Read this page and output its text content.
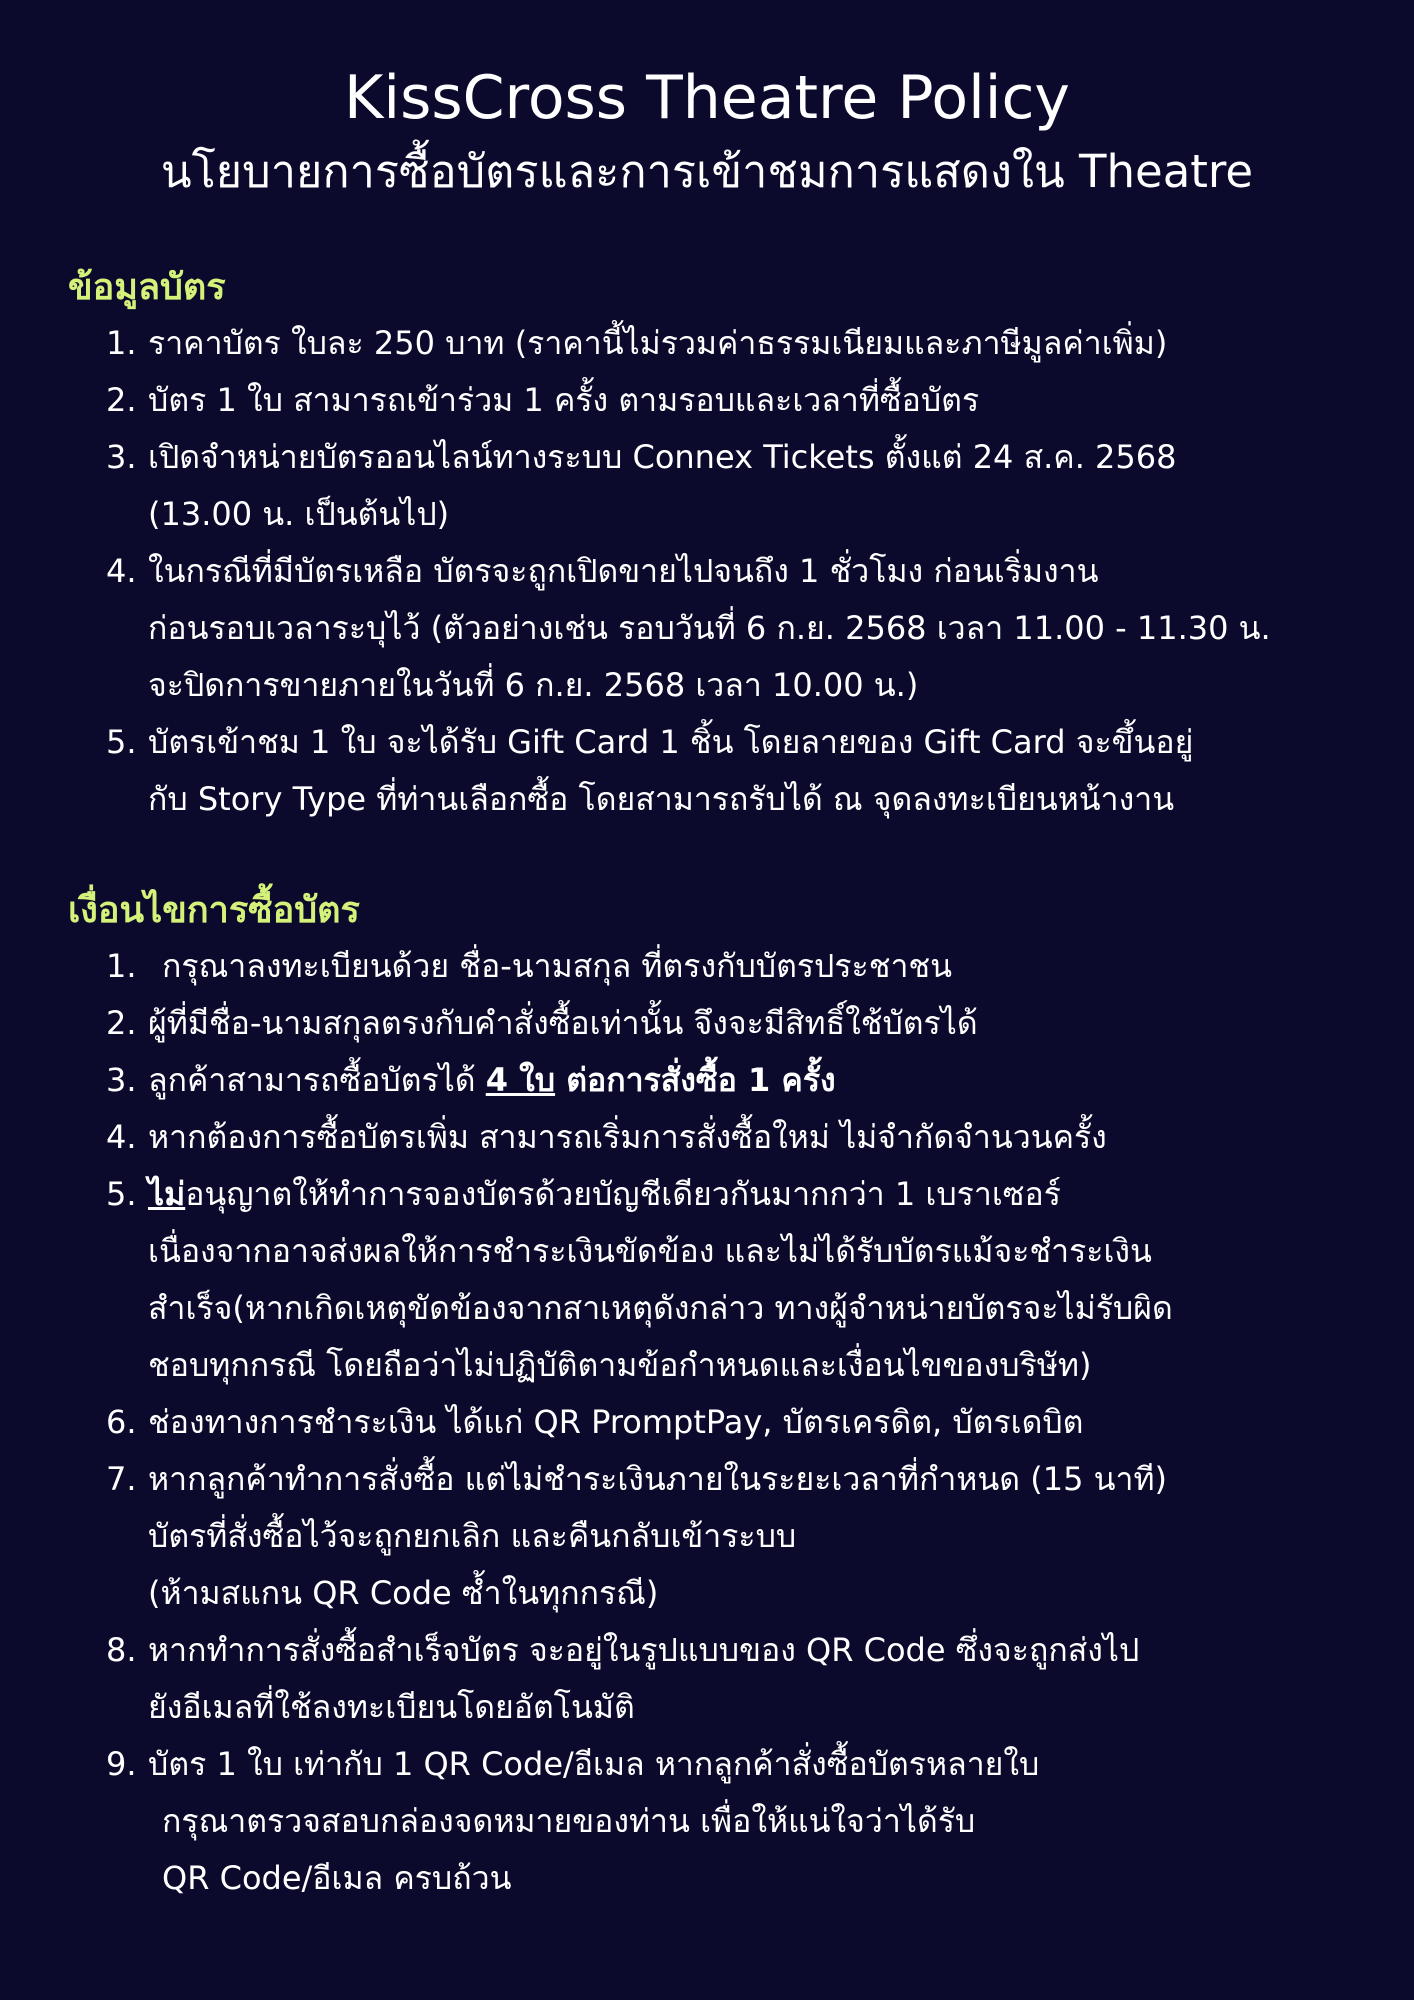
KissCross Theatre Policy
นโยบายการซื้อบัตรและการเข้าชมการแสดงใน Theatre
ข้อมูลบัตร
1. ราคาบัตร ใบละ 250 บาท (ราคานี้ไม่รวมค่าธรรมเนียมและภาษีมูลค่าเพิ่ม)
2. บัตร 1 ใบ สามารถเข้าร่วม 1 ครั้ง ตามรอบและเวลาที่ซื้อบัตร
3. เปิดจำหน่ายบัตรออนไลน์ทางระบบ Connex Tickets ตั้งแต่ 24 ส.ค. 2568
(13.00 น. เป็นต้นไป)
4. ในกรณีที่มีบัตรเหลือ บัตรจะถูกเปิดขายไปจนถึง 1 ชั่วโมง ก่อนเริ่มงาน
ก่อนรอบเวลาระบุไว้ (ตัวอย่างเช่น รอบวันที่ 6 ก.ย. 2568 เวลา 11.00 - 11.30 น.
จะปิดการขายภายในวันที่ 6 ก.ย. 2568 เวลา 10.00 น.)
5. บัตรเข้าชม 1 ใบ จะได้รับ Gift Card 1 ชิ้น โดยลายของ Gift Card จะขึ้นอยู่
กับ Story Type ที่ท่านเลือกซื้อ โดยสามารถรับได้ ณ จุดลงทะเบียนหน้างาน
เงื่อนไขการซื้อบัตร
1. กรุณาลงทะเบียนด้วย ชื่อ-นามสกุล ที่ตรงกับบัตรประชาชน
2. ผู้ที่มีชื่อ-นามสกุลตรงกับคำสั่งซื้อเท่านั้น จึงจะมีสิทธิ์ใช้บัตรได้
3. ลูกค้าสามารถซื้อบัตรได้ 4 ใบ ต่อการสั่งซื้อ 1 ครั้ง
4. หากต้องการซื้อบัตรเพิ่ม สามารถเริ่มการสั่งซื้อใหม่ ไม่จำกัดจำนวนครั้ง
5. ไม่อนุญาตให้ทำการจองบัตรด้วยบัญชีเดียวกันมากกว่า 1 เบราเซอร์
เนื่องจากอาจส่งผลให้การชำระเงินขัดข้อง และไม่ได้รับบัตรแม้จะชำระเงิน
สำเร็จ(หากเกิดเหตุขัดข้องจากสาเหตุดังกล่าว ทางผู้จำหน่ายบัตรจะไม่รับผิด
ชอบทุกกรณี โดยถือว่าไม่ปฏิบัติตามข้อกำหนดและเงื่อนไขของบริษัท)
6. ช่องทางการชำระเงิน ได้แก่ QR PromptPay, บัตรเครดิต, บัตรเดบิต
7. หากลูกค้าทำการสั่งซื้อ แต่ไม่ชำระเงินภายในระยะเวลาที่กำหนด (15 นาที)
บัตรที่สั่งซื้อไว้จะถูกยกเลิก และคืนกลับเข้าระบบ
(ห้ามสแกน QR Code ซ้ำในทุกกรณี)
8. หากทำการสั่งซื้อสำเร็จบัตร จะอยู่ในรูปแบบของ QR Code ซึ่งจะถูกส่งไป
ยังอีเมลที่ใช้ลงทะเบียนโดยอัตโนมัติ
9. บัตร 1 ใบ เท่ากับ 1 QR Code/อีเมล หากลูกค้าสั่งซื้อบัตรหลายใบ
กรุณาตรวจสอบกล่องจดหมายของท่าน เพื่อให้แน่ใจว่าได้รับ
QR Code/อีเมล ครบถ้วน
